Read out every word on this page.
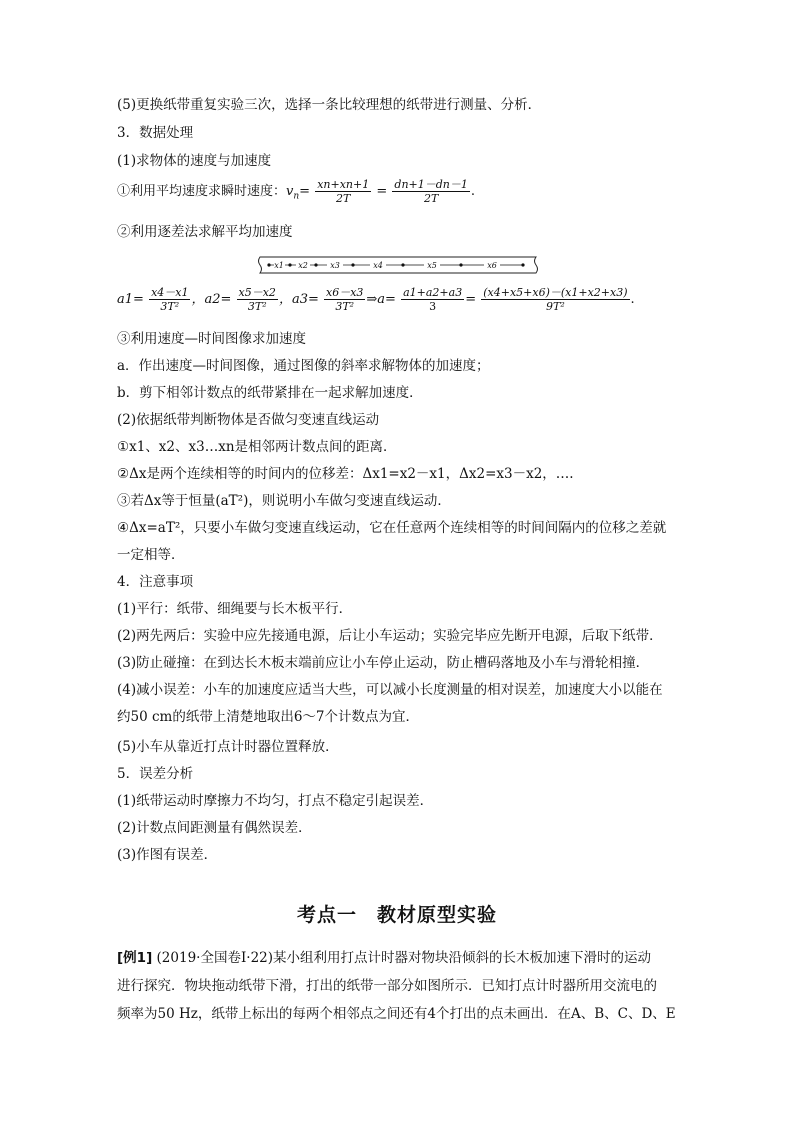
(5)更换纸带重复实验三次，选择一条比较理想的纸带进行测量、分析．
3．数据处理
(1)求物体的速度与加速度
①利用平均速度求瞬时速度：$v_n= \frac{xn+xn+1}{2T} = \frac{dn+1-dn-1}{2T}$ .
②利用逐差法求解平均加速度
x1 x2	x3	x4	x5	x6
$a1= \frac{x4-x1}{\text{3T²}}$ ，$a2= \frac{x5-x2}{\text{3T²}}$ ，$a3= \frac{x6-x3}{\text{3T²}}$ ⇒a= $\frac{a1+a2+a3}{3} = \frac{(x4+x5+x6)-(x1+x2+x3)}{\text{9T²}}$ .
③利用速度—时间图像求加速度
a．作出速度—时间图像，通过图像的斜率求解物体的加速度；
b．剪下相邻计数点的纸带紧排在一起求解加速度．
(2)依据纸带判断物体是否做匀变速直线运动
①x1、x2、x3…xn是相邻两计数点间的距离．
②Δx是两个连续相等的时间内的位移差：Δx1=x2－x1，Δx2=x3－x2，….
③若Δx等于恒量(aT²)，则说明小车做匀变速直线运动．
④Δx=aT²，只要小车做匀变速直线运动，它在任意两个连续相等的时间间隔内的位移之差就
一定相等．
4．注意事项
(1)平行：纸带、细绳要与长木板平行．
(2)两先两后：实验中应先接通电源，后让小车运动；实验完毕应先断开电源，后取下纸带．
(3)防止碰撞：在到达长木板末端前应让小车停止运动，防止槽码落地及小车与滑轮相撞．
(4)减小误差：小车的加速度应适当大些，可以减小长度测量的相对误差，加速度大小以能在
约50 cm的纸带上清楚地取出6～7个计数点为宜．
(5)小车从靠近打点计时器位置释放．
5．误差分析
(1)纸带运动时摩擦力不均匀，打点不稳定引起误差．
(2)计数点间距测量有偶然误差．
(3)作图有误差．
考点一　教材原型实验
[例1] (2019·全国卷Ⅰ·22)某小组利用打点计时器对物块沿倾斜的长木板加速下滑时的运动
进行探究．物块拖动纸带下滑，打出的纸带一部分如图所示．已知打点计时器所用交流电的
频率为50 Hz，纸带上标出的每两个相邻点之间还有4个打出的点未画出．在A、B、C、D、E
